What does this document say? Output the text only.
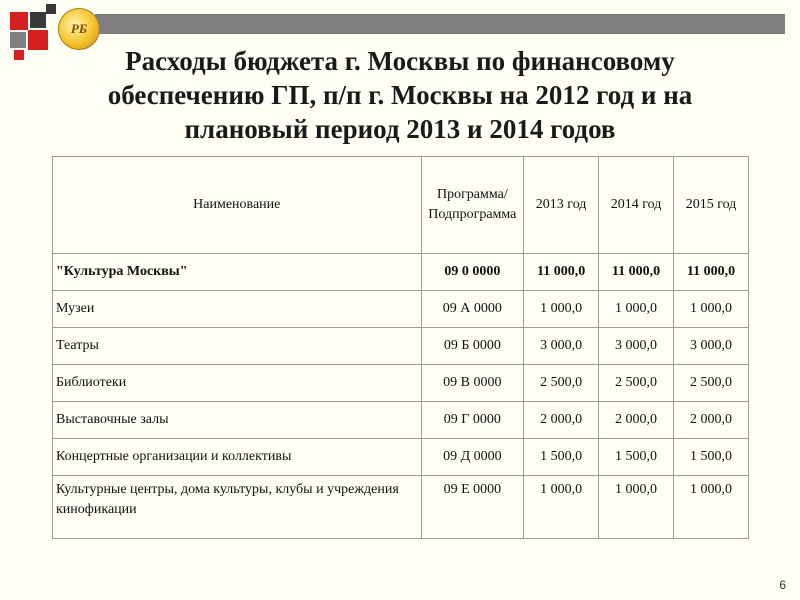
РБ
Расходы бюджета г. Москвы по финансовому
обеспечению ГП, п/п г. Москвы на 2012 год и на
плановый период 2013 и 2014 годов
Наименование	Программа/ Подпрограмма	2013 год	2014 год	2015 год
"Культура Москвы"	09 0 0000	11 000,0	11 000,0	11 000,0
Музеи	09 А 0000	1 000,0	1 000,0	1 000,0
Театры	09 Б 0000	3 000,0	3 000,0	3 000,0
Библиотеки	09 В 0000	2 500,0	2 500,0	2 500,0
Выставочные залы	09 Г 0000	2 000,0	2 000,0	2 000,0
Концертные организации и коллективы	09 Д 0000	1 500,0	1 500,0	1 500,0
Культурные центры, дома культуры, клубы и учреждения кинофикации	09 Е 0000	1 000,0	1 000,0	1 000,0
6
